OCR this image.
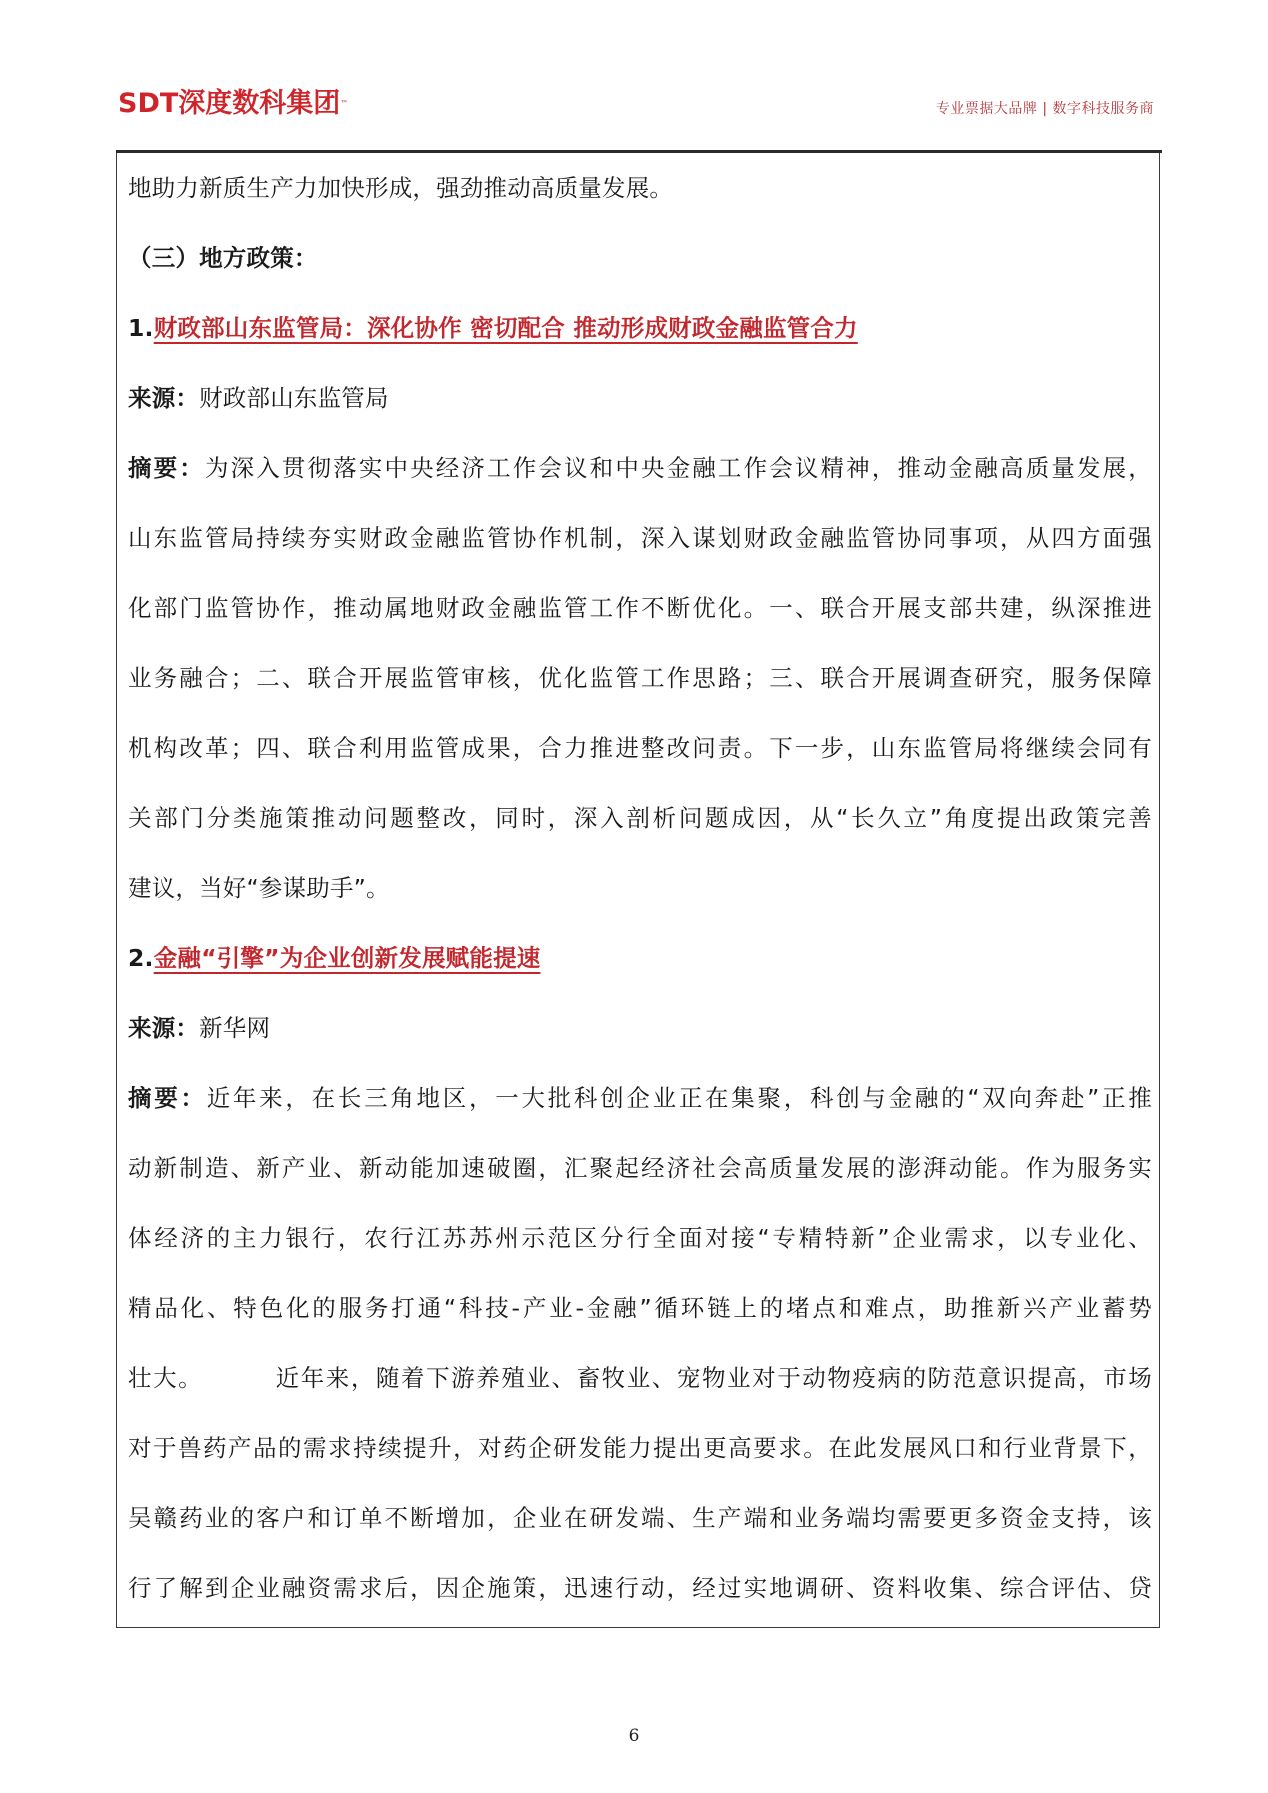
SDT深度数科集团™	专业票据大品牌 | 数字科技服务商
地助力新质生产力加快形成，强劲推动高质量发展。
（三）地方政策：
1.财政部山东监管局：深化协作 密切配合 推动形成财政金融监管合力
来源：财政部山东监管局
摘要：为深入贯彻落实中央经济工作会议和中央金融工作会议精神，推动金融高质量发展，
山东监管局持续夯实财政金融监管协作机制，深入谋划财政金融监管协同事项，从四方面强
化部门监管协作，推动属地财政金融监管工作不断优化。一、联合开展支部共建，纵深推进
业务融合；二、联合开展监管审核，优化监管工作思路；三、联合开展调查研究，服务保障
机构改革；四、联合利用监管成果，合力推进整改问责。下一步，山东监管局将继续会同有
关部门分类施策推动问题整改，同时，深入剖析问题成因，从“长久立”角度提出政策完善
建议，当好“参谋助手”。
2.金融“引擎”为企业创新发展赋能提速
来源：新华网
摘要：近年来，在长三角地区，一大批科创企业正在集聚，科创与金融的“双向奔赴”正推
动新制造、新产业、新动能加速破圈，汇聚起经济社会高质量发展的澎湃动能。作为服务实
体经济的主力银行，农行江苏苏州示范区分行全面对接“专精特新”企业需求，以专业化、
精品化、特色化的服务打通“科技-产业-金融”循环链上的堵点和难点，助推新兴产业蓄势
壮大。        近年来，随着下游养殖业、畜牧业、宠物业对于动物疫病的防范意识提高，市场
对于兽药产品的需求持续提升，对药企研发能力提出更高要求。在此发展风口和行业背景下，
吴赣药业的客户和订单不断增加，企业在研发端、生产端和业务端均需要更多资金支持，该
行了解到企业融资需求后，因企施策，迅速行动，经过实地调研、资料收集、综合评估、贷
6
